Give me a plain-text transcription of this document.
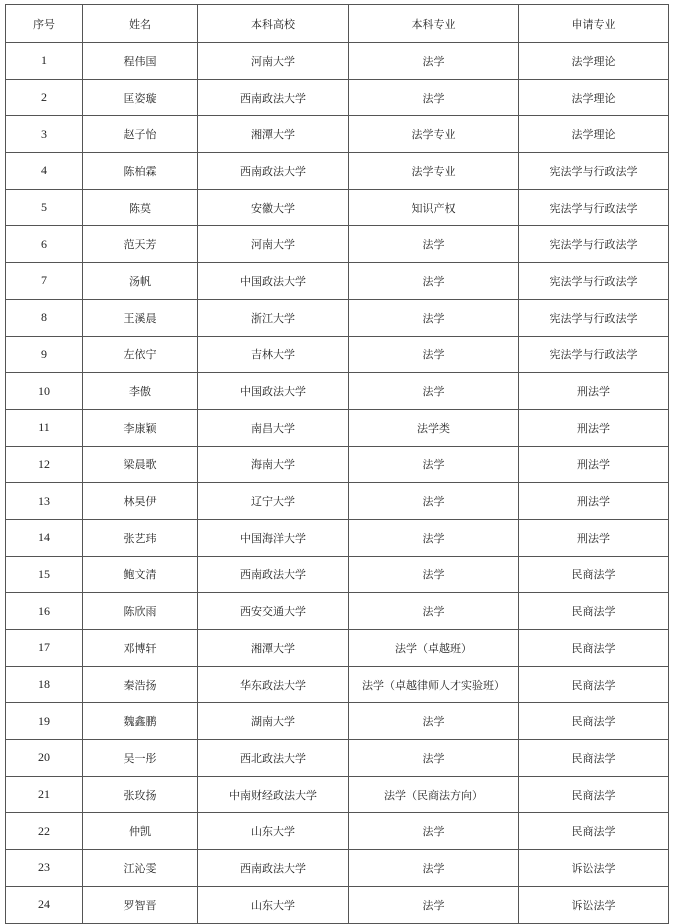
序号	姓名	本科高校	本科专业	申请专业
1	程伟国	河南大学	法学	法学理论
2	匡姿璇	西南政法大学	法学	法学理论
3	赵子怡	湘潭大学	法学专业	法学理论
4	陈柏霖	西南政法大学	法学专业	宪法学与行政法学
5	陈莫	安徽大学	知识产权	宪法学与行政法学
6	范天芳	河南大学	法学	宪法学与行政法学
7	汤帆	中国政法大学	法学	宪法学与行政法学
8	王溪晨	浙江大学	法学	宪法学与行政法学
9	左依宁	吉林大学	法学	宪法学与行政法学
10	李傲	中国政法大学	法学	刑法学
11	李康颖	南昌大学	法学类	刑法学
12	梁晨歌	海南大学	法学	刑法学
13	林昊伊	辽宁大学	法学	刑法学
14	张艺玮	中国海洋大学	法学	刑法学
15	鲍文清	西南政法大学	法学	民商法学
16	陈欣雨	西安交通大学	法学	民商法学
17	邓博轩	湘潭大学	法学（卓越班）	民商法学
18	秦浩扬	华东政法大学	法学（卓越律师人才实验班）	民商法学
19	魏鑫鹏	湖南大学	法学	民商法学
20	吴一彤	西北政法大学	法学	民商法学
21	张玫扬	中南财经政法大学	法学（民商法方向）	民商法学
22	仲凯	山东大学	法学	民商法学
23	江沁雯	西南政法大学	法学	诉讼法学
24	罗智晋	山东大学	法学	诉讼法学
